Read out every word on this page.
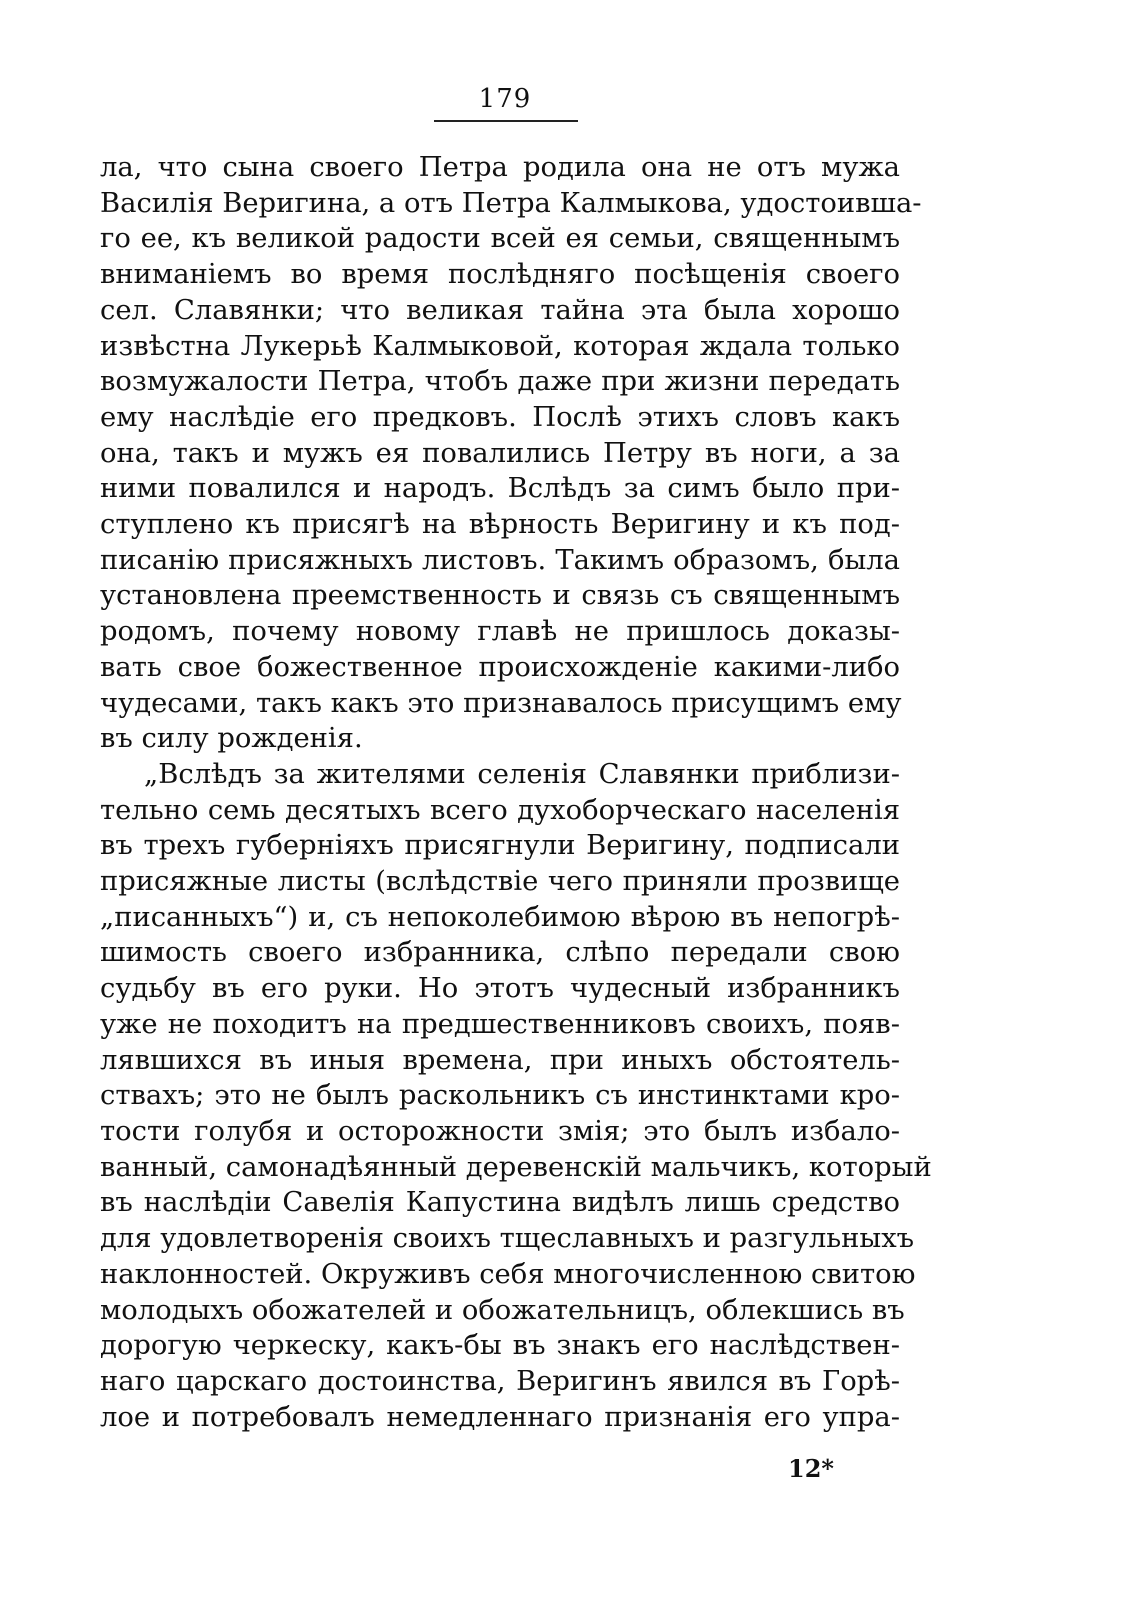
179
ла, что сына своего Петра родила она не отъ мужа
Василія Веригина, а отъ Петра Калмыкова, удостоивша-
го ее, къ великой радости всей ея семьи, священнымъ
вниманіемъ во время послѣдняго посѣщенія своего
сел. Славянки; что великая тайна эта была хорошо
извѣстна Лукерьѣ Калмыковой, которая ждала только
возмужалости Петра, чтобъ даже при жизни передать
ему наслѣдіе его предковъ. Послѣ этихъ словъ какъ
она, такъ и мужъ ея повалились Петру въ ноги, а за
ними повалился и народъ. Вслѣдъ за симъ было при-
ступлено къ присягѣ на вѣрность Веригину и къ под-
писанію присяжныхъ листовъ. Такимъ образомъ, была
установлена преемственность и связь съ священнымъ
родомъ, почему новому главѣ не пришлось доказы-
вать свое божественное происхожденіе какими-либо
чудесами, такъ какъ это признавалось присущимъ ему
въ силу рожденія.
„Вслѣдъ за жителями селенія Славянки приблизи-
тельно семь десятыхъ всего духоборческаго населенія
въ трехъ губерніяхъ присягнули Веригину, подписали
присяжные листы (вслѣдствіе чего приняли прозвище
„писанныхъ“) и, съ непоколебимою вѣрою въ непогрѣ-
шимость своего избранника, слѣпо передали свою
судьбу въ его руки. Но этотъ чудесный избранникъ
уже не походитъ на предшественниковъ своихъ, появ-
лявшихся въ иныя времена, при иныхъ обстоятель-
ствахъ; это не былъ раскольникъ съ инстинктами кро-
тости голубя и осторожности змія; это былъ избало-
ванный, самонадѣянный деревенскій мальчикъ, который
въ наслѣдіи Савелія Капустина видѣлъ лишь средство
для удовлетворенія своихъ тщеславныхъ и разгульныхъ
наклонностей. Окруживъ себя многочисленною свитою
молодыхъ обожателей и обожательницъ, облекшись въ
дорогую черкеску, какъ-бы въ знакъ его наслѣдствен-
наго царскаго достоинства, Веригинъ явился въ Горѣ-
лое и потребовалъ немедленнаго признанія его упра-
12*
